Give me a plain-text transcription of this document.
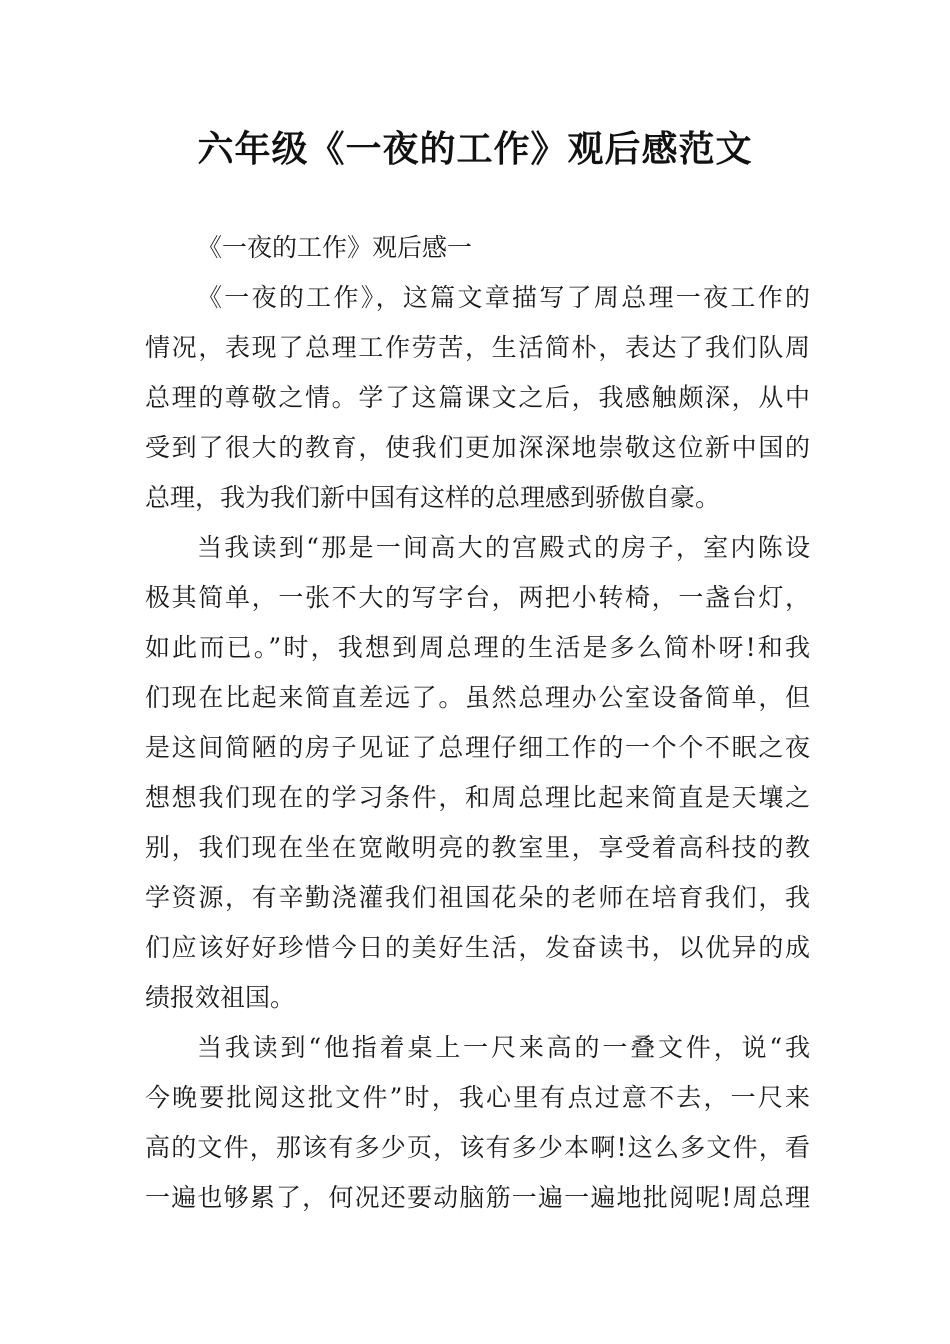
六年级《一夜的工作》观后感范文
《一夜的工作》观后感一
《一夜的工作》，这篇文章描写了周总理一夜工作的
情况，表现了总理工作劳苦，生活简朴，表达了我们队周
总理的尊敬之情。学了这篇课文之后，我感触颇深，从中
受到了很大的教育，使我们更加深深地崇敬这位新中国的
总理，我为我们新中国有这样的总理感到骄傲自豪。
当我读到“那是一间高大的宫殿式的房子，室内陈设
极其简单，一张不大的写字台，两把小转椅，一盏台灯，
如此而已。”时，我想到周总理的生活是多么简朴呀!和我
们现在比起来简直差远了。虽然总理办公室设备简单，但
是这间简陋的房子见证了总理仔细工作的一个个不眠之夜
想想我们现在的学习条件，和周总理比起来简直是天壤之
别，我们现在坐在宽敞明亮的教室里，享受着高科技的教
学资源，有辛勤浇灌我们祖国花朵的老师在培育我们，我
们应该好好珍惜今日的美好生活，发奋读书，以优异的成
绩报效祖国。
当我读到“他指着桌上一尺来高的一叠文件，说“我
今晚要批阅这批文件”时，我心里有点过意不去，一尺来
高的文件，那该有多少页，该有多少本啊!这么多文件，看
一遍也够累了，何况还要动脑筋一遍一遍地批阅呢!周总理
